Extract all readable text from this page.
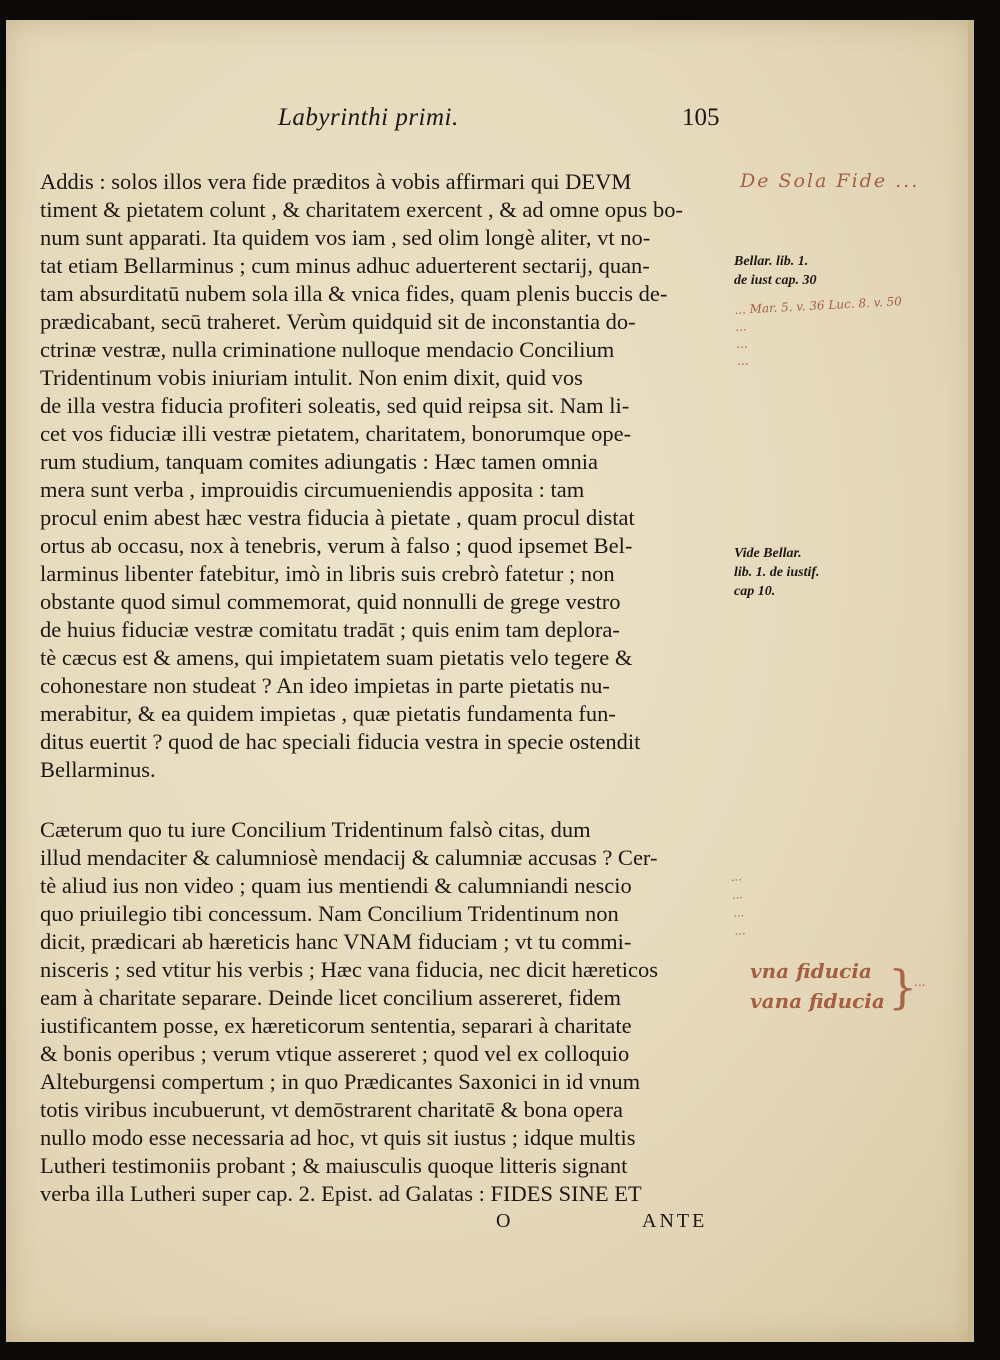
Labyrinthi primi.	105
Addis : solos illos vera fide præditos à vobis affirmari qui DEVM
timent & pietatem colunt , & charitatem exercent , & ad omne opus bo-
num sunt apparati. Ita quidem vos iam , sed olim longè aliter, vt no-
tat etiam Bellarminus ; cum minus adhuc aduerterent sectarij, quan-
tam absurditatū nubem sola illa & vnica fides, quam plenis buccis de-
prædicabant, secū traheret. Verùm quidquid sit de inconstantia do-
ctrinæ vestræ, nulla criminatione nulloque mendacio Concilium
Tridentinum vobis iniuriam intulit. Non enim dixit, quid vos
de illa vestra fiducia profiteri soleatis, sed quid reipsa sit. Nam li-
cet vos fiduciæ illi vestræ pietatem, charitatem, bonorumque ope-
rum studium, tanquam comites adiungatis : Hæc tamen omnia
mera sunt verba , improuidis circumueniendis apposita : tam
procul enim abest hæc vestra fiducia à pietate , quam procul distat
ortus ab occasu, nox à tenebris, verum à falso ; quod ipsemet Bel-
larminus libenter fatebitur, imò in libris suis crebrò fatetur ; non
obstante quod simul commemorat, quid nonnulli de grege vestro
de huius fiduciæ vestræ comitatu tradāt ; quis enim tam deplora-
tè cæcus est & amens, qui impietatem suam pietatis velo tegere &
cohonestare non studeat ? An ideo impietas in parte pietatis nu-
merabitur, & ea quidem impietas , quæ pietatis fundamenta fun-
ditus euertit ? quod de hac speciali fiducia vestra in specie ostendit
Bellarminus.
Cæterum quo tu iure Concilium Tridentinum falsò citas, dum
illud mendaciter & calumniosè mendacij & calumniæ accusas ? Cer-
tè aliud ius non video ; quam ius mentiendi & calumniandi nescio
quo priuilegio tibi concessum. Nam Concilium Tridentinum non
dicit, prædicari ab hæreticis hanc VNAM fiduciam ; vt tu commi-
nisceris ; sed vtitur his verbis ; Hæc vana fiducia, nec dicit hæreticos
eam à charitate separare. Deinde licet concilium assereret, fidem
iustificantem posse, ex hæreticorum sententia, separari à charitate
& bonis operibus ; verum vtique assereret ; quod vel ex colloquio
Alteburgensi compertum ; in quo Prædicantes Saxonici in id vnum
totis viribus incubuerunt, vt demōstrarent charitatē & bona opera
nullo modo esse necessaria ad hoc, vt quis sit iustus ; idque multis
Lutheri testimoniis probant ; & maiusculis quoque litteris signant
verba illa Lutheri super cap. 2. Epist. ad Galatas : FIDES SINE ET
O	ANTE
Bellar. lib. 1.
de iust cap. 30
Vide Bellar.
lib. 1. de iustif.
cap 10.
De Sola Fide ...
... Mar. 5. v. 36 Luc. 8. v. 50
...
...
...
...
...
...
...
vna fiducia
vana fiducia }
...
